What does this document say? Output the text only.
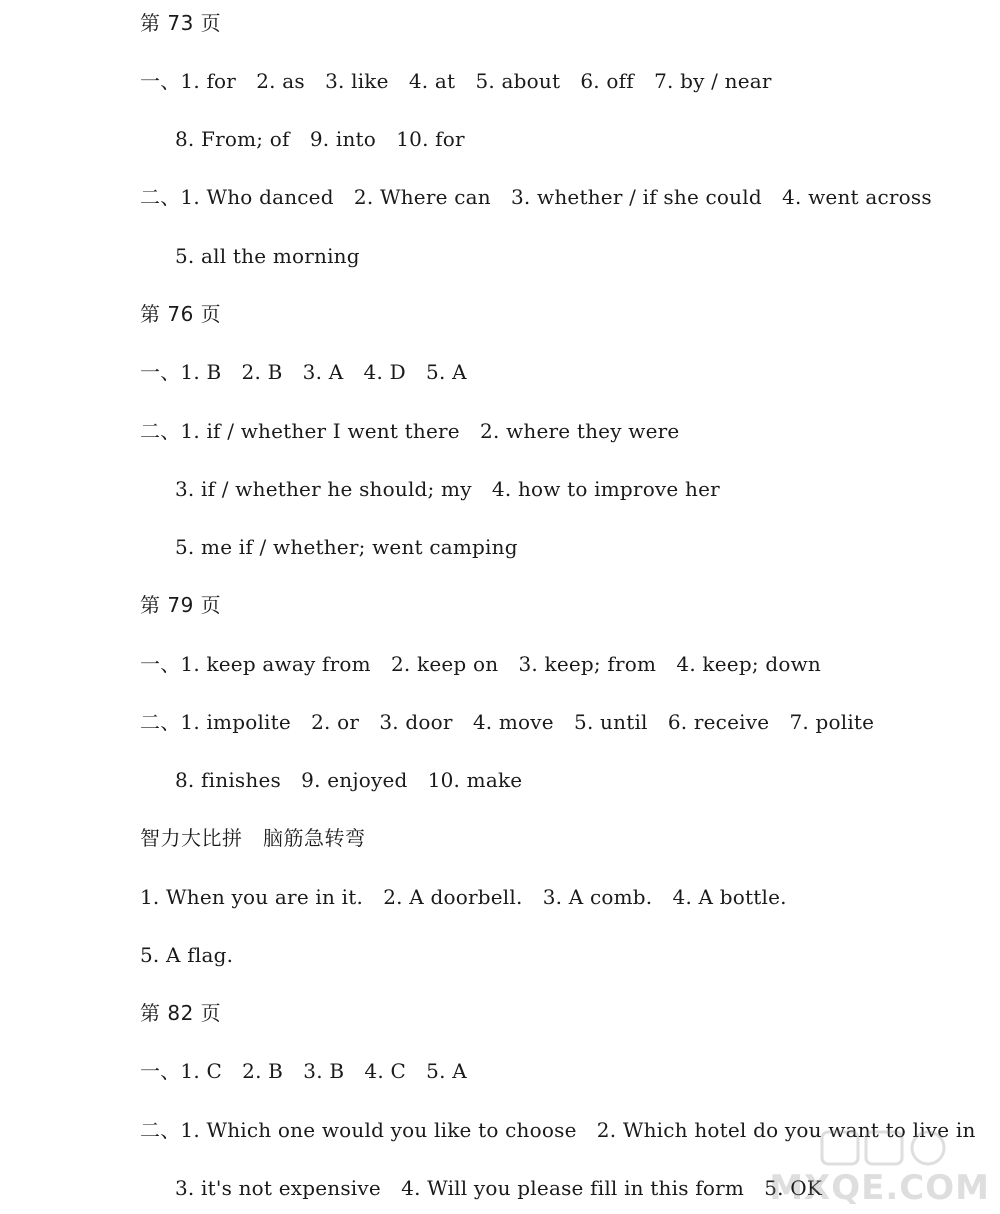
第 73 页
一、1. for　2. as　3. like　4. at　5. about　6. off　7. by / near
8. From; of　9. into　10. for
二、1. Who danced　2. Where can　3. whether / if she could　4. went across
5. all the morning
第 76 页
一、1. B　2. B　3. A　4. D　5. A
二、1. if / whether I went there　2. where they were
3. if / whether he should; my　4. how to improve her
5. me if / whether; went camping
第 79 页
一、1. keep away from　2. keep on　3. keep; from　4. keep; down
二、1. impolite　2. or　3. door　4. move　5. until　6. receive　7. polite
8. finishes　9. enjoyed　10. make
智力大比拼　脑筋急转弯
1. When you are in it.　2. A doorbell.　3. A comb.　4. A bottle.
5. A flag.
第 82 页
一、1. C　2. B　3. B　4. C　5. A
二、1. Which one would you like to choose　2. Which hotel do you want to live in
3. it's not expensive　4. Will you please fill in this form　5. OK
MXQE.COM
